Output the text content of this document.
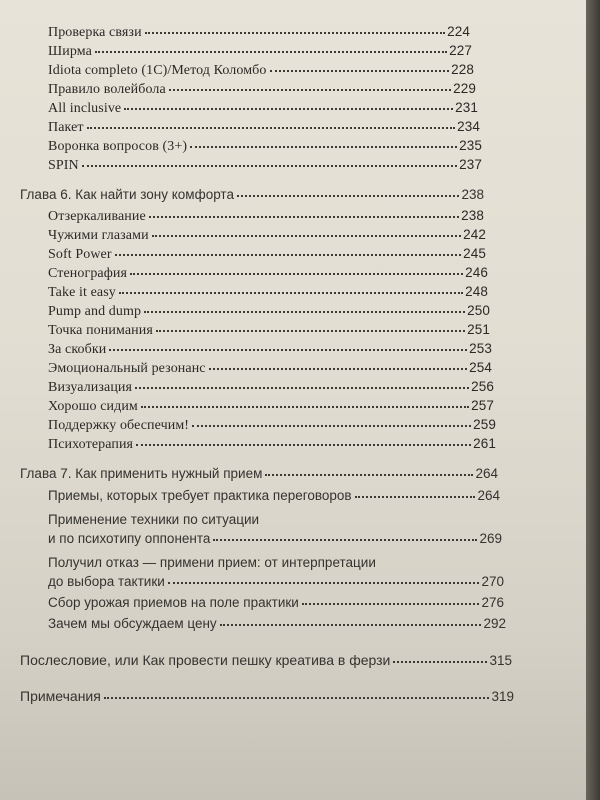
Проверка связи	224
Ширма	227
Idiota completo (1С)/Метод Коломбо	228
Правило волейбола	229
All inclusive	231
Пакет	234
Воронка вопросов (3+)	235
SPIN	237
Глава 6. Как найти зону комфорта	238
Отзеркаливание	238
Чужими глазами	242
Soft Power	245
Стенография	246
Take it easy	248
Pump and dump	250
Точка понимания	251
За скобки	253
Эмоциональный резонанс	254
Визуализация	256
Хорошо сидим	257
Поддержку обеспечим!	259
Психотерапия	261
Глава 7. Как применить нужный прием	264
Приемы, которых требует практика переговоров	264
Применение техники по ситуации
и по психотипу оппонента	269
Получил отказ — примени прием: от интерпретации
до выбора тактики	270
Сбор урожая приемов на поле практики	276
Зачем мы обсуждаем цену	292
Послесловие, или Как провести пешку креатива в ферзи	315
Примечания	319
